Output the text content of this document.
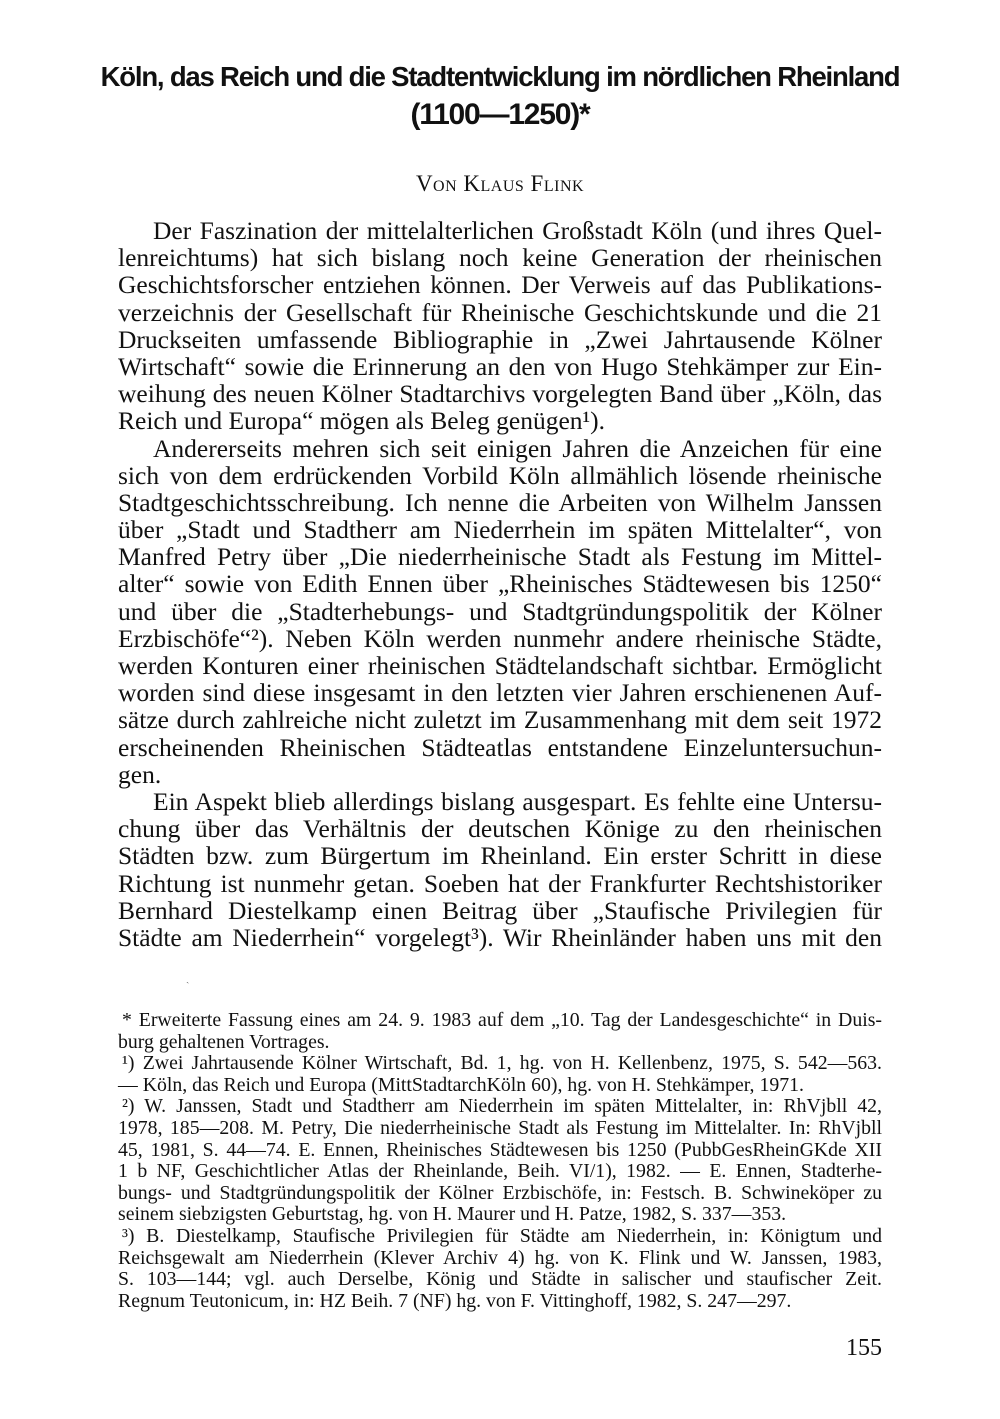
Köln, das Reich und die Stadtentwicklung im nördlichen Rheinland
(1100—1250)*
Von Klaus Flink
Der Faszination der mittelalterlichen Großstadt Köln (und ihres Quel-
lenreichtums) hat sich bislang noch keine Generation der rheinischen
Geschichtsforscher entziehen können. Der Verweis auf das Publikations-
verzeichnis der Gesellschaft für Rheinische Geschichtskunde und die 21
Druckseiten umfassende Bibliographie in „Zwei Jahrtausende Kölner
Wirtschaft“ sowie die Erinnerung an den von Hugo Stehkämper zur Ein-
weihung des neuen Kölner Stadtarchivs vorgelegten Band über „Köln, das
Reich und Europa“ mögen als Beleg genügen¹).
Andererseits mehren sich seit einigen Jahren die Anzeichen für eine
sich von dem erdrückenden Vorbild Köln allmählich lösende rheinische
Stadtgeschichtsschreibung. Ich nenne die Arbeiten von Wilhelm Janssen
über „Stadt und Stadtherr am Niederrhein im späten Mittelalter“, von
Manfred Petry über „Die niederrheinische Stadt als Festung im Mittel-
alter“ sowie von Edith Ennen über „Rheinisches Städtewesen bis 1250“
und über die „Stadterhebungs- und Stadtgründungspolitik der Kölner
Erzbischöfe“²). Neben Köln werden nunmehr andere rheinische Städte,
werden Konturen einer rheinischen Städtelandschaft sichtbar. Ermöglicht
worden sind diese insgesamt in den letzten vier Jahren erschienenen Auf-
sätze durch zahlreiche nicht zuletzt im Zusammenhang mit dem seit 1972
erscheinenden Rheinischen Städteatlas entstandene Einzeluntersuchun-
gen.
Ein Aspekt blieb allerdings bislang ausgespart. Es fehlte eine Untersu-
chung über das Verhältnis der deutschen Könige zu den rheinischen
Städten bzw. zum Bürgertum im Rheinland. Ein erster Schritt in diese
Richtung ist nunmehr getan. Soeben hat der Frankfurter Rechtshistoriker
Bernhard Diestelkamp einen Beitrag über „Staufische Privilegien für
Städte am Niederrhein“ vorgelegt³). Wir Rheinländer haben uns mit den
ˏ
* Erweiterte Fassung eines am 24. 9. 1983 auf dem „10. Tag der Landesgeschichte“ in Duis-
burg gehaltenen Vortrages.
¹) Zwei Jahrtausende Kölner Wirtschaft, Bd. 1, hg. von H. Kellenbenz, 1975, S. 542—563.
— Köln, das Reich und Europa (MittStadtarchKöln 60), hg. von H. Stehkämper, 1971.
²) W. Janssen, Stadt und Stadtherr am Niederrhein im späten Mittelalter, in: RhVjbll 42,
1978, 185—208. M. Petry, Die niederrheinische Stadt als Festung im Mittelalter. In: RhVjbll
45, 1981, S. 44—74. E. Ennen, Rheinisches Städtewesen bis 1250 (PubbGesRheinGKde XII
1 b NF, Geschichtlicher Atlas der Rheinlande, Beih. VI/1), 1982. — E. Ennen, Stadterhe-
bungs- und Stadtgründungspolitik der Kölner Erzbischöfe, in: Festsch. B. Schwineköper zu
seinem siebzigsten Geburtstag, hg. von H. Maurer und H. Patze, 1982, S. 337—353.
³) B. Diestelkamp, Staufische Privilegien für Städte am Niederrhein, in: Königtum und
Reichsgewalt am Niederrhein (Klever Archiv 4) hg. von K. Flink und W. Janssen, 1983,
S. 103—144; vgl. auch Derselbe, König und Städte in salischer und staufischer Zeit.
Regnum Teutonicum, in: HZ Beih. 7 (NF) hg. von F. Vittinghoff, 1982, S. 247—297.
155
